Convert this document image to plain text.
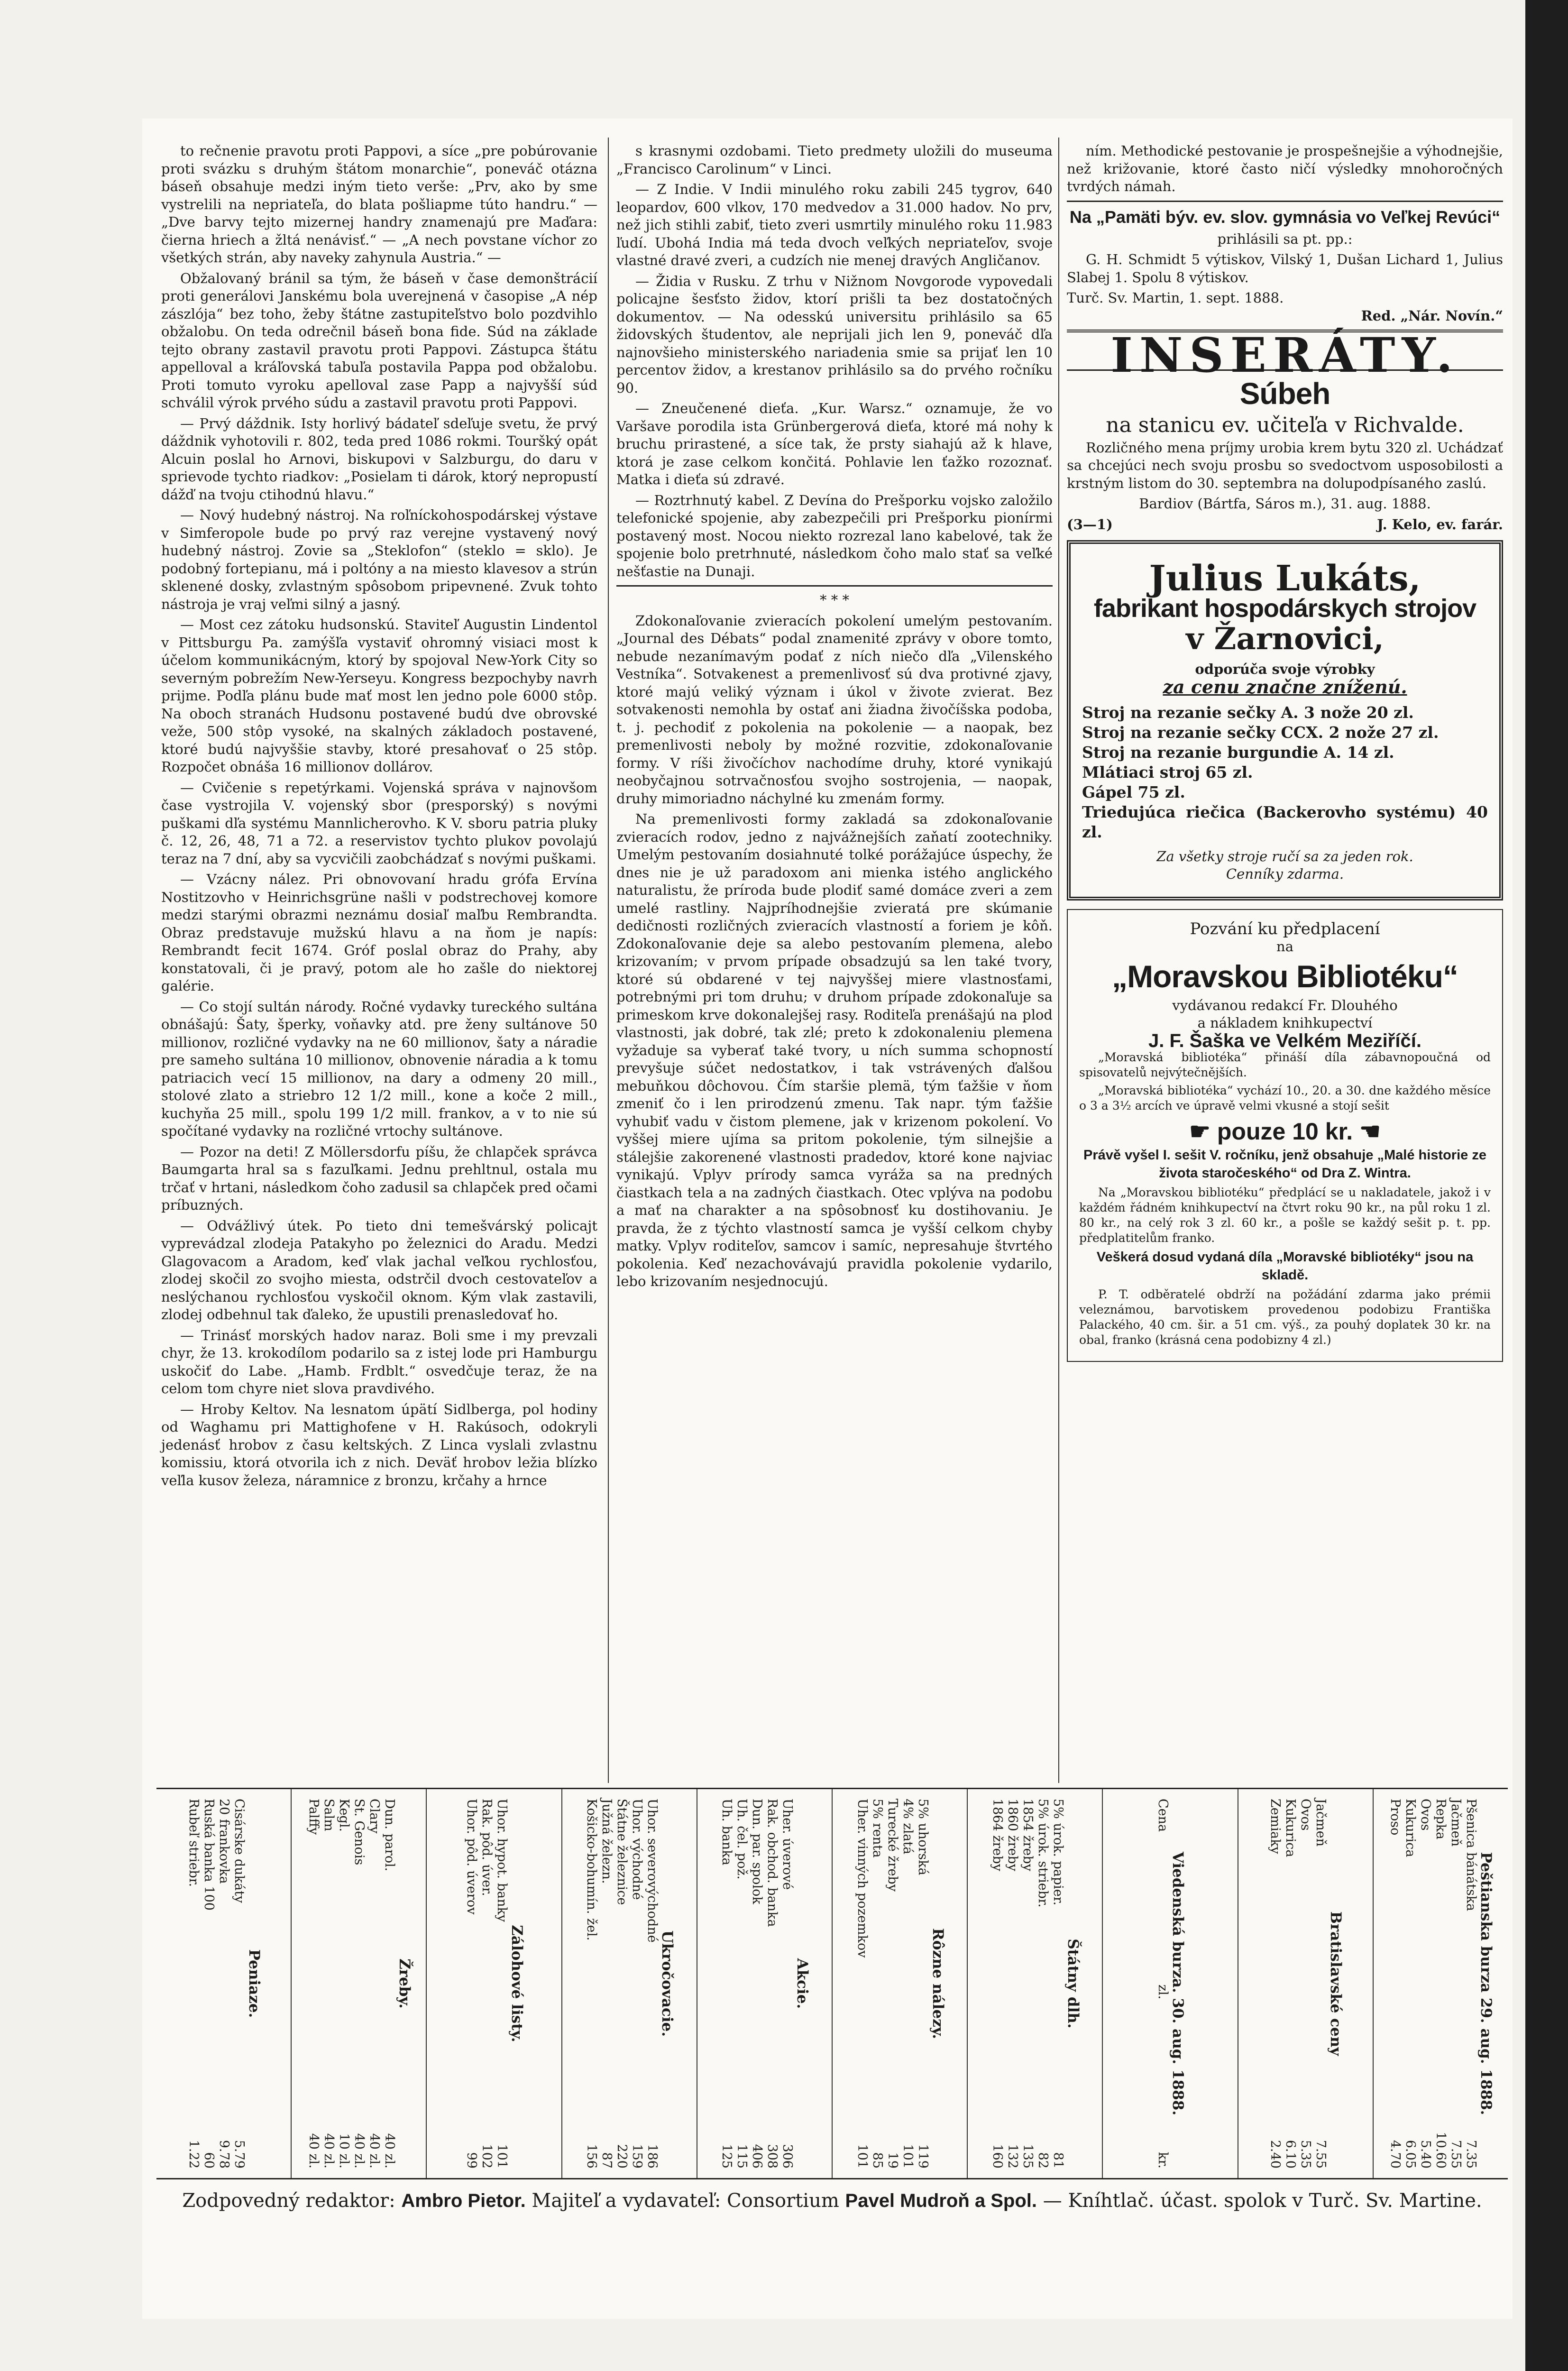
to rečnenie pravotu proti Pappovi, a síce „pre pobúrovanie proti svázku s druhým štátom monarchie“, poneváč otázna báseň obsahuje medzi iným tieto verše: „Prv, ako by sme vystrelili na nepriateľa, do blata pošliapme túto handru.“ — „Dve barvy tejto mizernej handry znamenajú pre Maďara: čierna hriech a žltá nenávisť.“ — „A nech povstane víchor zo všetkých strán, aby naveky zahynula Austria.“ —

Obžalovaný bránil sa tým, že báseň v čase demonštrácií proti generálovi Janskému bola uverejnená v časopise „A nép zászlója“ bez toho, žeby štátne zastupiteľstvo bolo pozdvihlo obžalobu. On teda odrečnil báseň bona fide. Súd na základe tejto obrany zastavil pravotu proti Pappovi. Zástupca štátu appelloval a kráľovská tabuľa postavila Pappa pod obžalobu. Proti tomuto vyroku apelloval zase Papp a najvyšší súd schválil výrok prvého súdu a zastavil pravotu proti Pappovi.

— Prvý dáždnik. Isty horlivý bádateľ sdeľuje svetu, že prvý dáždnik vyhotovili r. 802, teda pred 1086 rokmi. Touršký opát Alcuin poslal ho Arnovi, biskupovi v Salzburgu, do daru v sprievode tychto riadkov: „Posielam ti dárok, ktorý nepropustí dážď na tvoju ctihodnú hlavu.“

— Nový hudebný nástroj. Na roľníckohospodárskej výstave v Simferopole bude po prvý raz verejne vystavený nový hudebný nástroj. Zovie sa „Steklofon“ (steklo = sklo). Je podobný fortepianu, má i poltóny a na miesto klavesov a strún sklenené dosky, zvlastným spôsobom pripevnené. Zvuk tohto nástroja je vraj veľmi silný a jasný.

— Most cez zátoku hudsonskú. Staviteľ Augustin Lindentol v Pittsburgu Pa. zamýšľa vystaviť ohromný visiaci most k účelom kommunikácným, ktorý by spojoval New-York City so severným pobrežím New-Yerseyu. Kongress bezpochyby navrh prijme. Podľa plánu bude mať most len jedno pole 6000 stôp. Na oboch stranách Hudsonu postavené budú dve obrovské veže, 500 stôp vysoké, na skalných základoch postavené, ktoré budú najvyššie stavby, ktoré presahovať o 25 stôp. Rozpočet obnáša 16 millionov dollárov.

— Cvičenie s repetýrkami. Vojenská správa v najnovšom čase vystrojila V. vojenský sbor (presporský) s novými puškami dľa systému Mannlicherovho. K V. sboru patria pluky č. 12, 26, 48, 71 a 72. a reservistov tychto plukov povolajú teraz na 7 dní, aby sa vycvičili zaobchádzať s novými puškami.

— Vzácny nález. Pri obnovovaní hradu grófa Ervína Nostitzovho v Heinrichsgrüne našli v podstrechovej komore medzi starými obrazmi neznámu dosiaľ maľbu Rembrandta. Obraz predstavuje mužskú hlavu a na ňom je napís: Rembrandt fecit 1674. Gróf poslal obraz do Prahy, aby konstatovali, či je pravý, potom ale ho zašle do niektorej galérie.

— Co stojí sultán národy. Ročné vydavky tureckého sultána obnášajú: Šaty, šperky, voňavky atd. pre ženy sultánove 50 millionov, rozličné vydavky na ne 60 millionov, šaty a náradie pre sameho sultána 10 millionov, obnovenie náradia a k tomu patriacich vecí 15 millionov, na dary a odmeny 20 mill., stolové zlato a striebro 12 1/2 mill., kone a koče 2 mill., kuchyňa 25 mill., spolu 199 1/2 mill. frankov, a v to nie sú spočítané vydavky na rozličné vrtochy sultánove.

— Pozor na deti! Z Möllersdorfu píšu, že chlapček správca Baumgarta hral sa s fazuľkami. Jednu prehltnul, ostala mu trčať v hrtani, následkom čoho zadusil sa chlapček pred očami príbuzných.

— Odvážlivý útek. Po tieto dni temešvárský policajt vyprevádzal zlodeja Patakyho po železnici do Aradu. Medzi Glagovacom a Aradom, keď vlak jachal veľkou rychlosťou, zlodej skočil zo svojho miesta, odstrčil dvoch cestovateľov a neslýchanou rychlosťou vyskočil oknom. Kým vlak zastavili, zlodej odbehnul tak ďaleko, že upustili prenasledovať ho.

— Trinásť morských hadov naraz. Boli sme i my prevzali chyr, že 13. krokodílom podarilo sa z istej lode pri Hamburgu uskočiť do Labe. „Hamb. Frdblt.“ osvedčuje teraz, že na celom tom chyre niet slova pravdivého.

— Hroby Keltov. Na lesnatom úpätí Sidlberga, pol hodiny od Waghamu pri Mattighofene v H. Rakúsoch, odokryli jedenásť hrobov z času keltských. Z Linca vyslali zvlastnu komissiu, ktorá otvorila ich z nich. Deväť hrobov ležia blízko veľla kusov železa, náramnice z bronzu, krčahy a hrnce

s krasnymi ozdobami. Tieto predmety uložili do museuma „Francisco Carolinum“ v Linci.

— Z Indie. V Indii minulého roku zabili 245 tygrov, 640 leopardov, 600 vlkov, 170 medvedov a 31.000 hadov. No prv, než jich stihli zabiť, tieto zveri usmrtily minulého roku 11.983 ľudí. Ubohá India má teda dvoch veľkých nepriateľov, svoje vlastné dravé zveri, a cudzích nie menej dravých Angličanov.

— Židia v Rusku. Z trhu v Nižnom Novgorode vypovedali policajne šesťsto židov, ktorí prišli ta bez dostatočných dokumentov. — Na odesskú universitu prihlásilo sa 65 židovských študentov, ale neprijali jich len 9, poneváč dľa najnovšieho ministerského nariadenia smie sa prijať len 10 percentov židov, a krestanov prihlásilo sa do prvého ročníku 90.

— Zneučenené dieťa. „Kur. Warsz.“ oznamuje, že vo Varšave porodila ista Grünbergerová dieťa, ktoré má nohy k bruchu prirastené, a síce tak, že prsty siahajú až k hlave, ktorá je zase celkom končitá. Pohlavie len ťažko rozoznať. Matka i dieťa sú zdravé.

— Roztrhnutý kabel. Z Devína do Prešporku vojsko založilo telefonické spojenie, aby zabezpečili pri Prešporku pionírmi postavený most. Nocou niekto rozrezal lano kabelové, tak že spojenie bolo pretrhnuté, následkom čoho malo stať sa veľké nešťastie na Dunaji.

* * *

Zdokonaľovanie zvieracích pokolení umelým pestovaním. „Journal des Débats“ podal znamenité zprávy v obore tomto, nebude nezanímavým podať z ních niečo dľa „Vilenského Vestníka“. Sotvakenest a premenlivosť sú dva protivné zjavy, ktoré majú veliký význam i úkol v živote zvierat. Bez sotvakenosti nemohla by ostať ani žiadna živočíšska podoba, t. j. pechodiť z pokolenia na pokolenie — a naopak, bez premenlivosti neboly by možné rozvitie, zdokonaľovanie formy. V ríši živočíchov nachodíme druhy, ktoré vynikajú neobyčajnou sotrvačnosťou svojho sostrojenia, — naopak, druhy mimoriadno náchylné ku zmenám formy.

Na premenlivosti formy zakladá sa zdokonaľovanie zvieracích rodov, jedno z najvážnejších zaňatí zootechniky. Umelým pestovaním dosiahnuté tolké porážajúce úspechy, že dnes nie je už paradoxom ani mienka istého anglického naturalistu, že príroda bude plodiť samé domáce zveri a zem umelé rastliny. Najpríhodnejšie zvieratá pre skúmanie dedičnosti rozličných zvieracích vlastností a foriem je kôň. Zdokonaľovanie deje sa alebo pestovaním plemena, alebo krizovaním; v prvom prípade obsadzujú sa len také tvory, ktoré sú obdarené v tej najvyššej miere vlastnosťami, potrebnými pri tom druhu; v druhom prípade zdokonaľuje sa primeskom krve dokonalejšej rasy. Roditeľa prenášajú na plod vlastnosti, jak dobré, tak zlé; preto k zdokonaleniu plemena vyžaduje sa vyberať také tvory, u ních summa schopností prevyšuje súčet nedostatkov, i tak vstrávených ďalšou mebuňkou dôchovou. Čím staršie plemä, tým ťažšie v ňom zmeniť čo i len prirodzenú zmenu. Tak napr. tým ťažšie vyhubiť vadu v čistom plemene, jak v krizenom pokolení. Vo vyššej miere ujíma sa pritom pokolenie, tým silnejšie a stálejšie zakorenené vlastnosti pradedov, ktoré kone najviac vynikajú. Vplyv prírody samca vyráža sa na predných čiastkach tela a na zadných čiastkach. Otec vplýva na podobu a mať na charakter a na spôsobnosť ku dostihovaniu. Je pravda, že z týchto vlastností samca je vyšší celkom chyby matky. Vplyv roditeľov, samcov i samíc, nepresahuje štvrtého pokolenia. Keď nezachovávajú pravidla pokolenie vydarilo, lebo krizovaním nesjednocujú.

ním. Methodické pestovanie je prospešnejšie a výhodnejšie, než križovanie, ktoré často ničí výsledky mnohoročných tvrdých námah.

Na „Pamäti býv. ev. slov. gymnásia vo Veľkej Revúci“

prihlásili sa pt. pp.:

G. H. Schmidt 5 výtiskov, Vilský 1, Dušan Lichard 1, Julius Slabej 1. Spolu 8 výtiskov.

Turč. Sv. Martin, 1. sept. 1888.
Red. „Nár. Novín.“
INSERÁTY.
Súbeh
na stanicu ev. učiteľa v Richvalde.

Rozličného mena príjmy urobia krem bytu 320 zl. Uchádzať sa chcejúci nech svoju prosbu so svedoctvom usposobilosti a krstným listom do 30. septembra na dolupodpísaného zaslú.

Bardiov (Bártfa, Sáros m.), 31. aug. 1888.

(3—1)	J. Kelo, ev. farár.
Julius Lukáts,
fabrikant hospodárskych strojov
v Žarnovici,
odporúča svoje výrobky
za cenu značne zníženú.
Stroj na rezanie sečky A. 3 nože 20 zl.
Stroj na rezanie sečky CCX. 2 nože 27 zl.
Stroj na rezanie burgundie A. 14 zl.
Mlátiaci stroj 65 zl.
Gápel 75 zl.
Triedujúca riečica (Backerovho systému) 40 zl.
Za všetky stroje ručí sa za jeden rok.
Cenníky zdarma.
Pozvání ku předplacení
na
„Moravskou Bibliotéku“
vydávanou redakcí Fr. Dlouhého
a nákladem knihkupectví
J. F. Šaška ve Velkém Meziříčí.

„Moravská bibliotéka“ přináší díla zábavnopoučná od spisovatelů nejvýtečnějších.

„Moravská bibliotéka“ vychází 10., 20. a 30. dne každého měsíce o 3 a 3¹⁄₂ arcích ve úpravě velmi vkusné a stojí sešit

☛ pouze 10 kr. ☚

Právě vyšel I. sešit V. ročníku, jenž obsahuje „Malé historie ze života staročeského“ od Dra Z. Wintra.

Na „Moravskou bibliotéku“ předplácí se u nakladatele, jakož i v každém řádném knihkupectví na čtvrt roku 90 kr., na půl roku 1 zl. 80 kr., na celý rok 3 zl. 60 kr., a pošle se každý sešit p. t. pp. předplatitelům franko.

Veškerá dosud vydaná díla „Moravské bibliotéky“ jsou na skladě.

P. T. odběratelé obdrží na požádání zdarma jako prémii veleznámou, barvotiskem provedenou podobizu Františka Palackého, 40 cm. šir. a 51 cm. výš., za pouhý doplatek 30 kr. na obal, franko (krásná cena podobizny 4 zl.)

Peniaze.
Cisárske dukáty
5.79
20 frankovka
9.78
Ruská banka 100
60
Rubeľ striebr.
1.22
Žreby.
Dun. parol.
40 zl.
Clary
40 zl.
St. Genois
40 zl.
Kegl.
10 zl.
Salm
40 zl.
Palffy
40 zl.
Zálohové listy.
Uhor. hypot. banky
101
Rak. pôd. úver.
102
Uhor. pôd. úverov
99
Ukročovacie.
Uhor. severovýchodné
186
Uhor. východné
159
Štátne železnice
220
Južná železn.
87
Košicko-bohumín. žel.
156
Akcie.
Uher. úverové
306
Rak. obchod. banka
308
Dun. par. spolok
406
Uh. čel. pož.
115
Uh. banka
125
Rôzne nálezy.
5% uhorská
119
4% zlatá
101
Turecké žreby
19
5% renta
85
Uher. vinných pozemkov
101
Štátny dlh.
5% úrok. papier.
81
5% úrok. striebr.
82
1854 žreby
135
1860 žreby
132
1864 žreby
160
Viedenská burza. 30. aug. 1888.
Cena
zl.
kr.
Bratislavské ceny
Jačmeň
7.55
Ovos
5.35
Kukurica
6.10
Zemiaky
2.40
Peštianska burza 29. aug. 1888.
Pšenica bánátska
7.35
Jačmeň
7.55
Repka
10.60
Ovos
5.40
Kukurica
6.05
Proso
4.70
Zodpovedný redaktor: Ambro Pietor. Majiteľ a vydavateľ: Consortium Pavel Mudroň a Spol. — Kníhtlač. účast. spolok v Turč. Sv. Martine.
